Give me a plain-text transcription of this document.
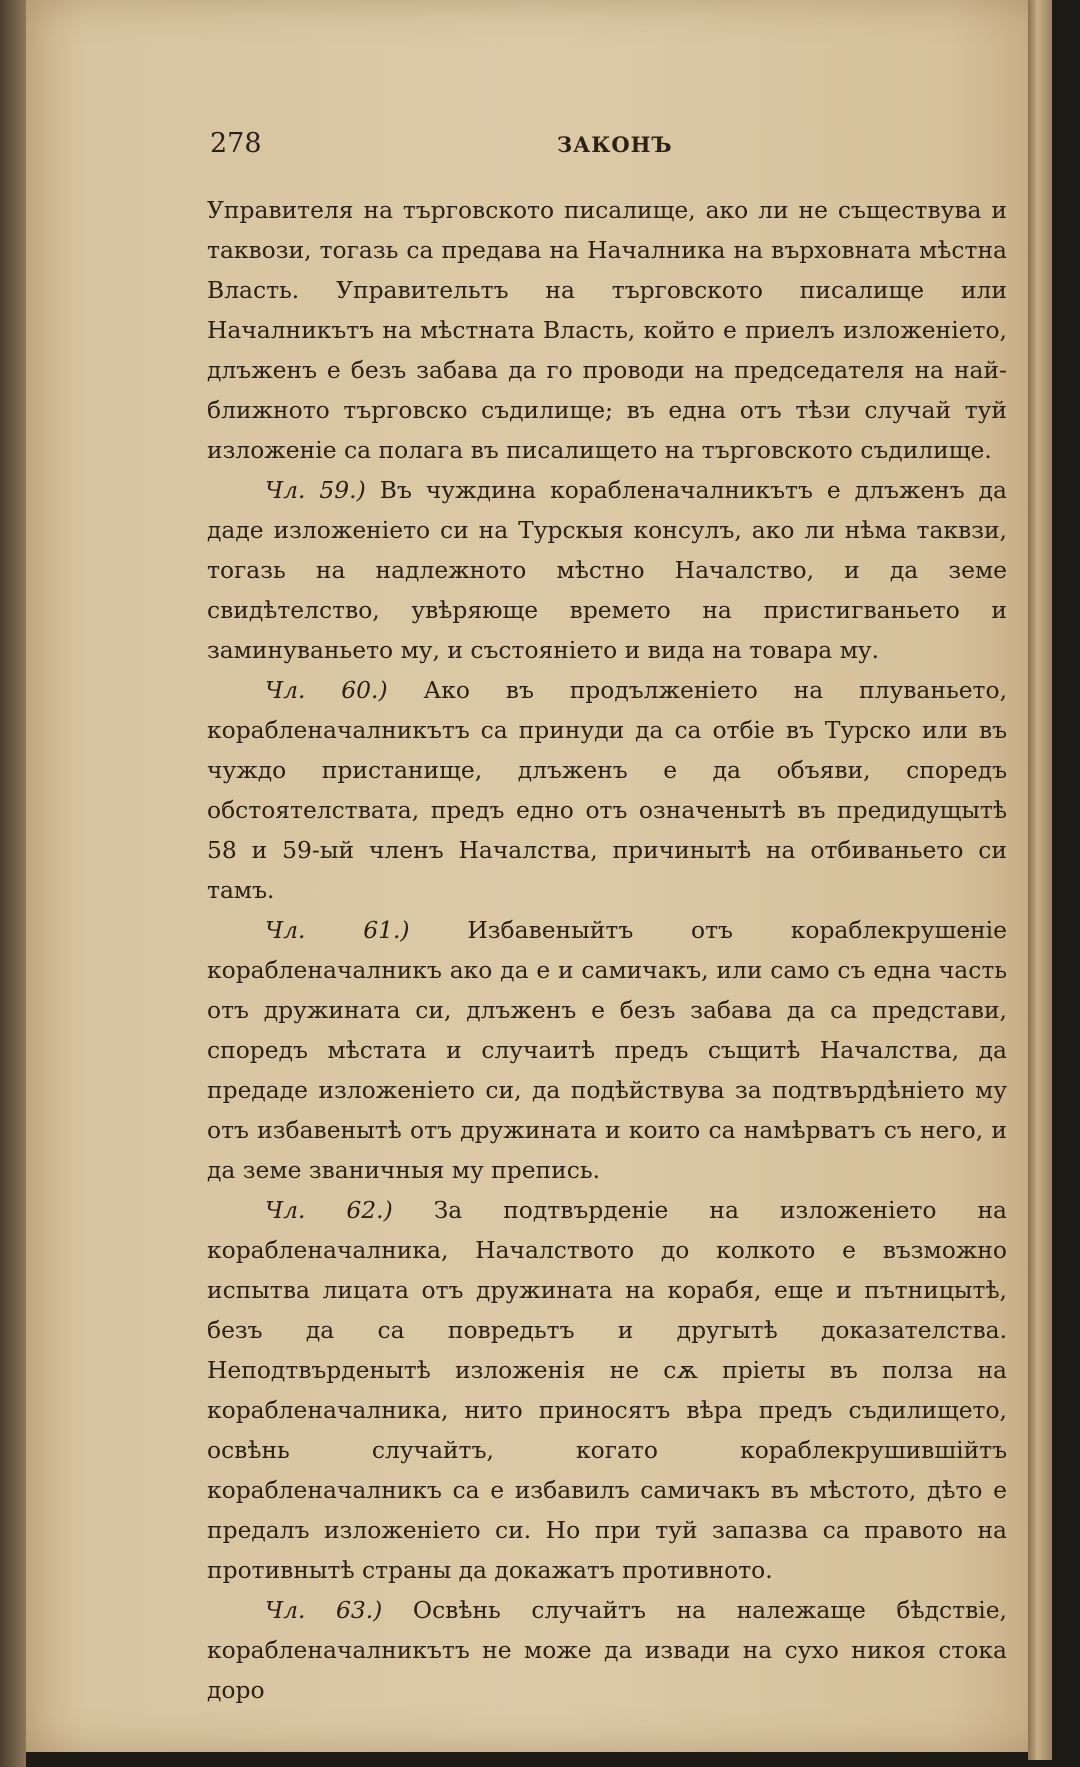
278	ЗАКОНЪ

Управителя на търговското писалище, ако ли не съществува и таквози, тогазь са предава на Началника на върховната мѣстна Власть. Управительтъ на търговското писалище или Началникътъ на мѣстната Власть, който е приелъ изложенieто, длъженъ е безъ забава да го проводи на председателя на най-ближното търговско съдилище; въ една отъ тѣзи случай туй изложенie са полага въ писалището на търговското съдилище.

Чл. 59.) Въ чуждина корабленачалникътъ е длъженъ да даде изложенieто си на Турскыя консулъ, ако ли нѣма таквзи, тогазь на надлежното мѣстно Началство, и да земе свидѣтелство, увѣряюще времето на пристигваньето и заминуваньето му, и състоянieто и вида на товара му.

Чл. 60.) Ако въ продълженieто на плуваньето, корабленачалникътъ са принуди да са отбie въ Турско или въ чуждо пристанище, длъженъ е да объяви, споредъ обстоятелствата, предъ едно отъ означенытѣ въ предидущытѣ 58 и 59-ый членъ Началства, причинытѣ на отбиваньето си тамъ.

Чл. 61.) Избавеныйтъ отъ кораблекрушенie корабленачалникъ ако да е и самичакъ, или само съ една часть отъ дружината си, длъженъ е безъ забава да са представи, споредъ мѣстата и случаитѣ предъ същитѣ Началства, да предаде изложенieто си, да подѣйствува за подтвърдѣнieто му отъ избавенытѣ отъ дружината и които са намѣрватъ съ него, и да земе званичныя му препись.

Чл. 62.) За подтвърденie на изложенieто на корабленачалника, Началството до колкото е възможно испытва лицата отъ дружината на корабя, еще и пътницытѣ, безъ да са повредьтъ и другытѣ доказателства. Неподтвърденытѣ изложенія не сѫ прieты въ полза на корабленачалника, нито приносятъ вѣра предъ съдилището, освѣнь случайтъ, когато кораблекрушившійтъ корабленачалникъ са е избавилъ самичакъ въ мѣстото, дѣто е предалъ изложенieто си. Но при туй запазва са правото на противнытѣ страны да докажатъ противното.

Чл. 63.) Освѣнь случайтъ на належаще бѣдствie, корабленачалникътъ не може да извади на сухо никоя стока доро
